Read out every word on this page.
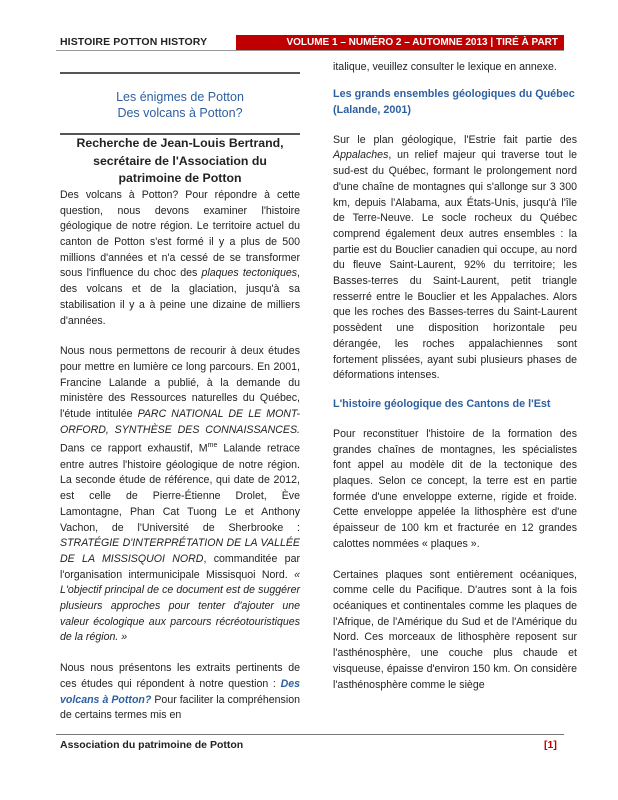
HISTOIRE POTTON HISTORY	VOLUME 1 – NUMÉRO 2 – AUTOMNE 2013 | TIRÉ À PART

Les énigmes de Potton

Des volcans à Potton?

Recherche de Jean-Louis Bertrand, secrétaire de l'Association du patrimoine de Potton

Des volcans à Potton? Pour répondre à cette question, nous devons examiner l'histoire géologique de notre région. Le territoire actuel du canton de Potton s'est formé il y a plus de 500 millions d'années et n'a cessé de se transformer sous l'influence du choc des plaques tectoniques, des volcans et de la glaciation, jusqu'à sa stabilisation il y a à peine une dizaine de milliers d'années.

Nous nous permettons de recourir à deux études pour mettre en lumière ce long parcours. En 2001, Francine Lalande a publié, à la demande du ministère des Ressources naturelles du Québec, l'étude intitulée PARC NATIONAL DE LE MONT-ORFORD, SYNTHÈSE DES CONNAISSANCES. Dans ce rapport exhaustif, $M^{me}$ Lalande retrace entre autres l'histoire géologique de notre région. La seconde étude de référence, qui date de 2012, est celle de Pierre-Étienne Drolet, Ève Lamontagne, Phan Cat Tuong Le et Anthony Vachon, de l'Université de Sherbrooke : STRATÉGIE D'INTERPRÉTATION DE LA VALLÉE DE LA MISSISQUOI NORD, commanditée par l'organisation intermunicipale Missisquoi Nord. « L'objectif principal de ce document est de suggérer plusieurs approches pour tenter d'ajouter une valeur écologique aux parcours récréotouristiques de la région. »

Nous nous présentons les extraits pertinents de ces études qui répondent à notre question : Des volcans à Potton? Pour faciliter la compréhension de certains termes mis en

italique, veuillez consulter le lexique en annexe.

Les grands ensembles géologiques du Québec (Lalande, 2001)

Sur le plan géologique, l'Estrie fait partie des Appalaches, un relief majeur qui traverse tout le sud-est du Québec, formant le prolongement nord d'une chaîne de montagnes qui s'allonge sur 3 300 km, depuis l'Alabama, aux États-Unis, jusqu'à l'île de Terre-Neuve. Le socle rocheux du Québec comprend également deux autres ensembles : la partie est du Bouclier canadien qui occupe, au nord du fleuve Saint-Laurent, 92% du territoire; les Basses-terres du Saint-Laurent, petit triangle resserré entre le Bouclier et les Appalaches. Alors que les roches des Basses-terres du Saint-Laurent possèdent une disposition horizontale peu dérangée, les roches appalachiennes sont fortement plissées, ayant subi plusieurs phases de déformations intenses.

L'histoire géologique des Cantons de l'Est

Pour reconstituer l'histoire de la formation des grandes chaînes de montagnes, les spécialistes font appel au modèle dit de la tectonique des plaques. Selon ce concept, la terre est en partie formée d'une enveloppe externe, rigide et froide. Cette enveloppe appelée la lithosphère est d'une épaisseur de 100 km et fracturée en 12 grandes calottes nommées « plaques ».

Certaines plaques sont entièrement océaniques, comme celle du Pacifique. D'autres sont à la fois océaniques et continentales comme les plaques de l'Afrique, de l'Amérique du Sud et de l'Amérique du Nord. Ces morceaux de lithosphère reposent sur l'asthénosphère, une couche plus chaude et visqueuse, épaisse d'environ 150 km. On considère l'asthénosphère comme le siège

Association du patrimoine de Potton	[1]
